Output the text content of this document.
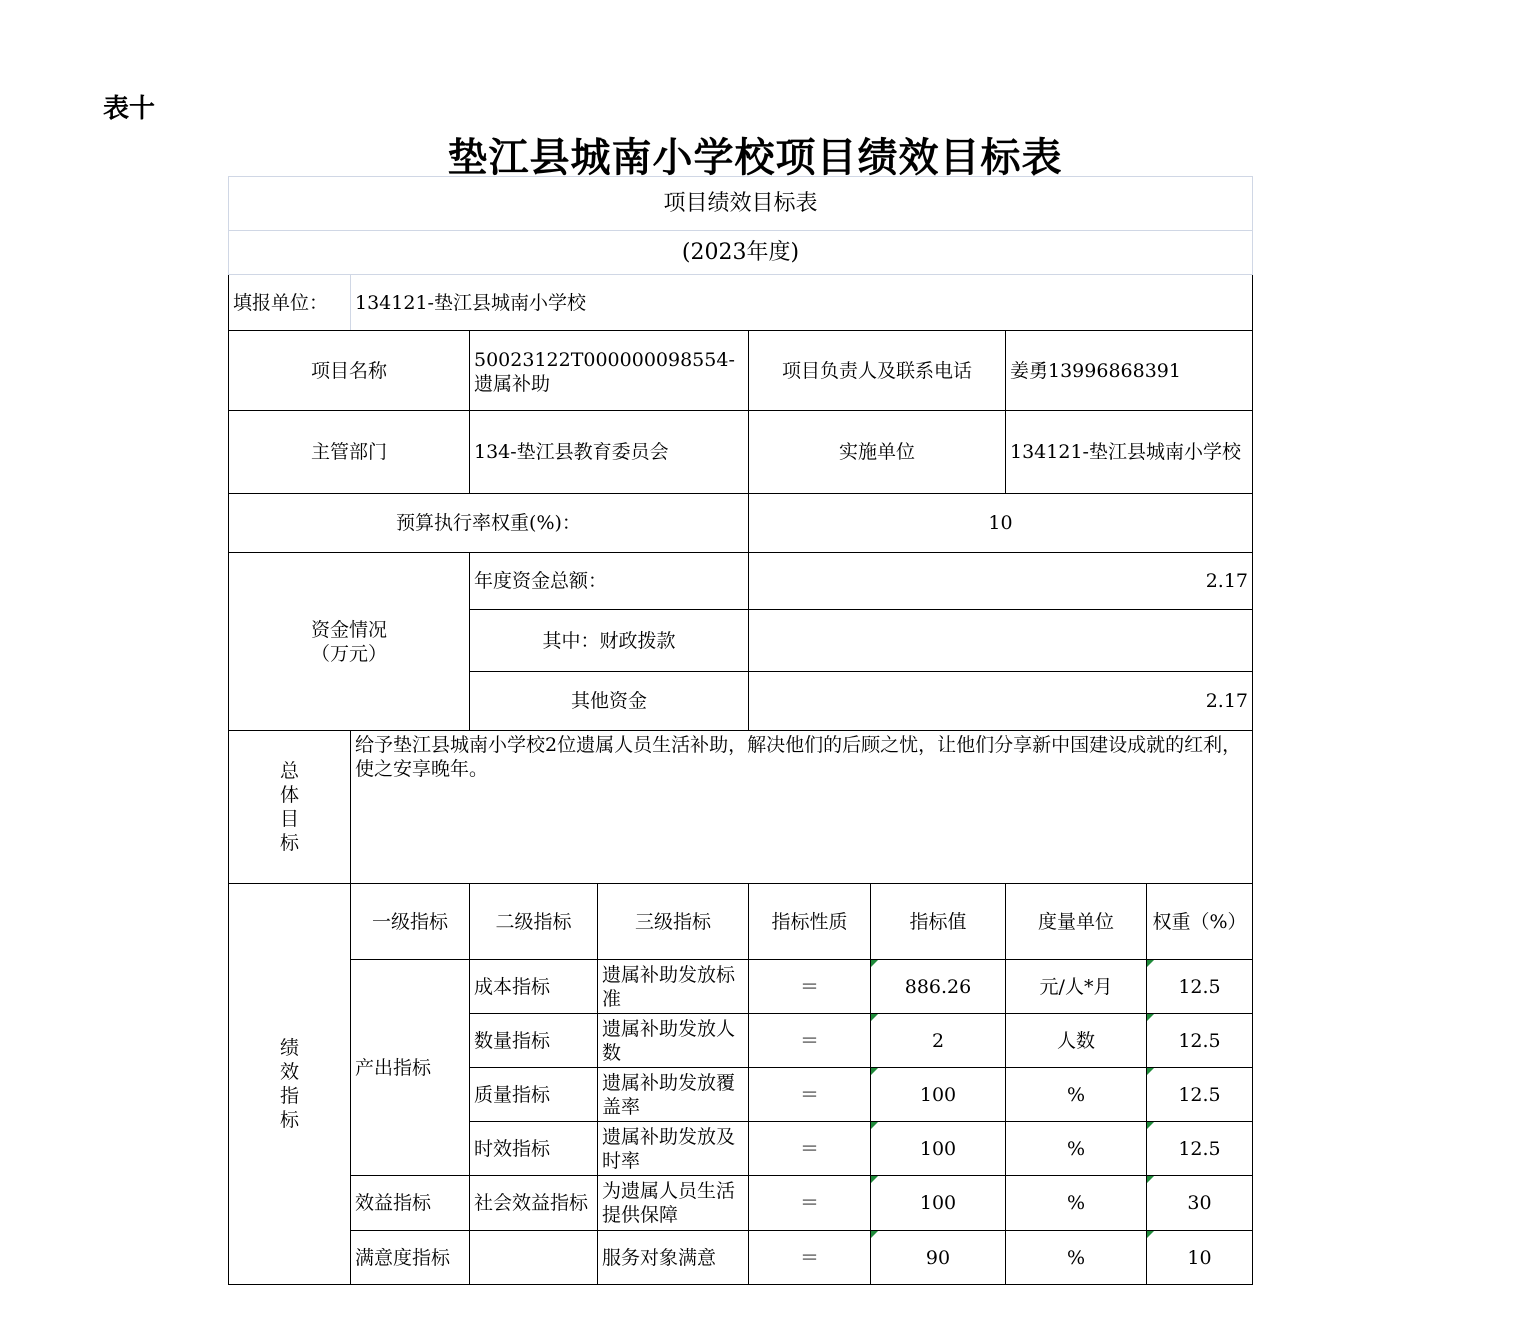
表十
垫江县城南小学校项目绩效目标表
项目绩效目标表							
(2023年度)							
填报单位：	134121-垫江县城南小学校						
项目名称		50023122T000000098554-遗属补助		项目负责人及联系电话		姜勇13996868391	
主管部门		134-垫江县教育委员会		实施单位		134121-垫江县城南小学校	
预算执行率权重(%)：				10			

资金情况
（万元）		年度资金总额：		2.17			
		其中：财政拨款					
		其他资金		2.17			

总
体
目
标	给予垫江县城南小学校2位遗属人员生活补助，解决他们的后顾之忧，让他们分享新中国建设成就的红利，使之安享晚年。						

绩
效
指
标	一级指标	二级指标	三级指标	指标性质	指标值	度量单位	权重（%）
	产出指标	成本指标	遗属补助发放标准	＝	886.26	元/人*月	12.5
		数量指标	遗属补助发放人数	＝	2	人数	12.5
		质量指标	遗属补助发放覆盖率	＝	100	%	12.5
		时效指标	遗属补助发放及时率	＝	100	%	12.5
	效益指标	社会效益指标	为遗属人员生活提供保障	＝	100	%	30
	满意度指标		服务对象满意	＝	90	%	10
